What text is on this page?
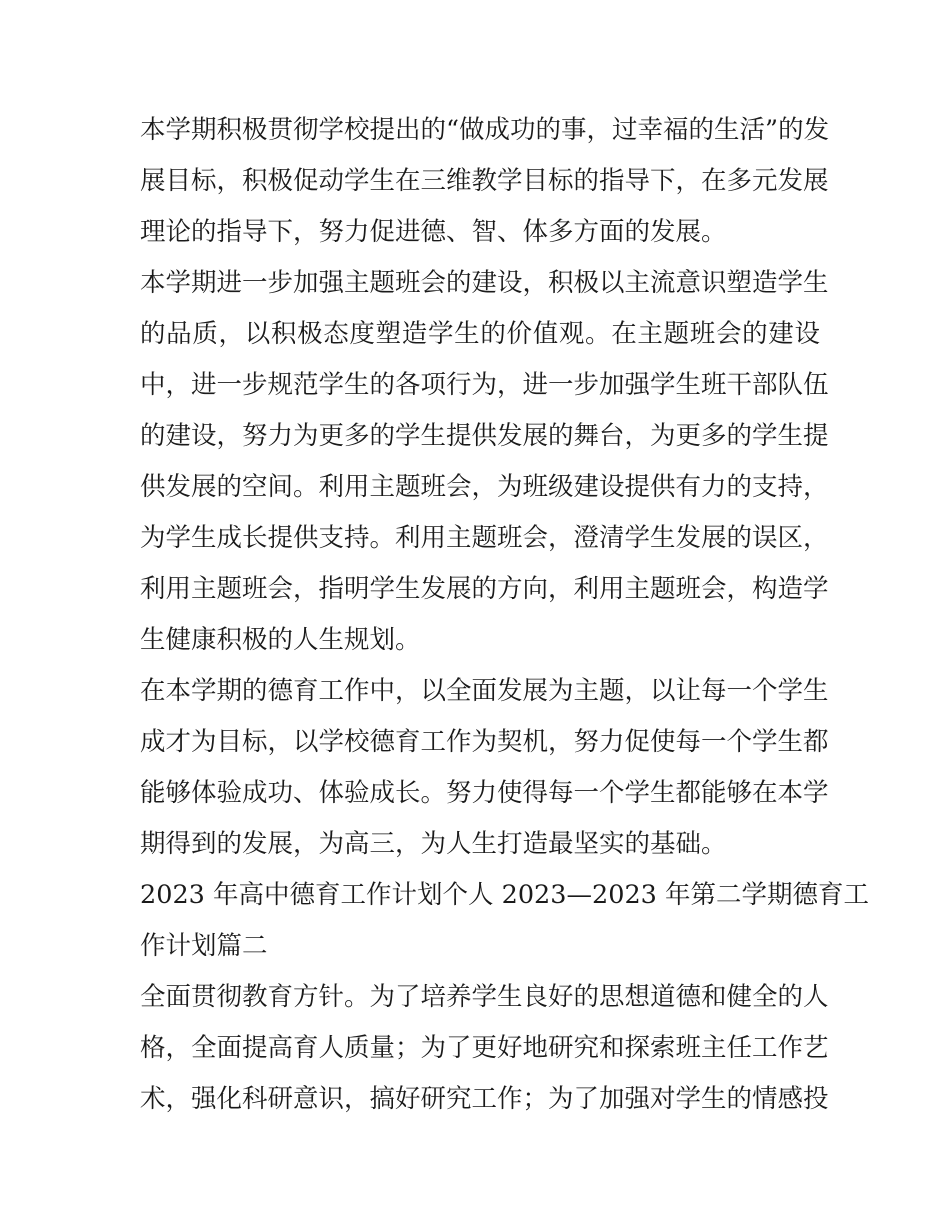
本学期积极贯彻学校提出的“做成功的事，过幸福的生活”的发
展目标，积极促动学生在三维教学目标的指导下，在多元发展
理论的指导下，努力促进德、智、体多方面的发展。
本学期进一步加强主题班会的建设，积极以主流意识塑造学生
的品质，以积极态度塑造学生的价值观。在主题班会的建设
中，进一步规范学生的各项行为，进一步加强学生班干部队伍
的建设，努力为更多的学生提供发展的舞台，为更多的学生提
供发展的空间。利用主题班会，为班级建设提供有力的支持，
为学生成长提供支持。利用主题班会，澄清学生发展的误区，
利用主题班会，指明学生发展的方向，利用主题班会，构造学
生健康积极的人生规划。
在本学期的德育工作中，以全面发展为主题，以让每一个学生
成才为目标，以学校德育工作为契机，努力促使每一个学生都
能够体验成功、体验成长。努力使得每一个学生都能够在本学
期得到的发展，为高三，为人生打造最坚实的基础。
2023 年高中德育工作计划个人 2023—2023 年第二学期德育工
作计划篇二
全面贯彻教育方针。为了培养学生良好的思想道德和健全的人
格，全面提高育人质量；为了更好地研究和探索班主任工作艺
术，强化科研意识，搞好研究工作；为了加强对学生的情感投
